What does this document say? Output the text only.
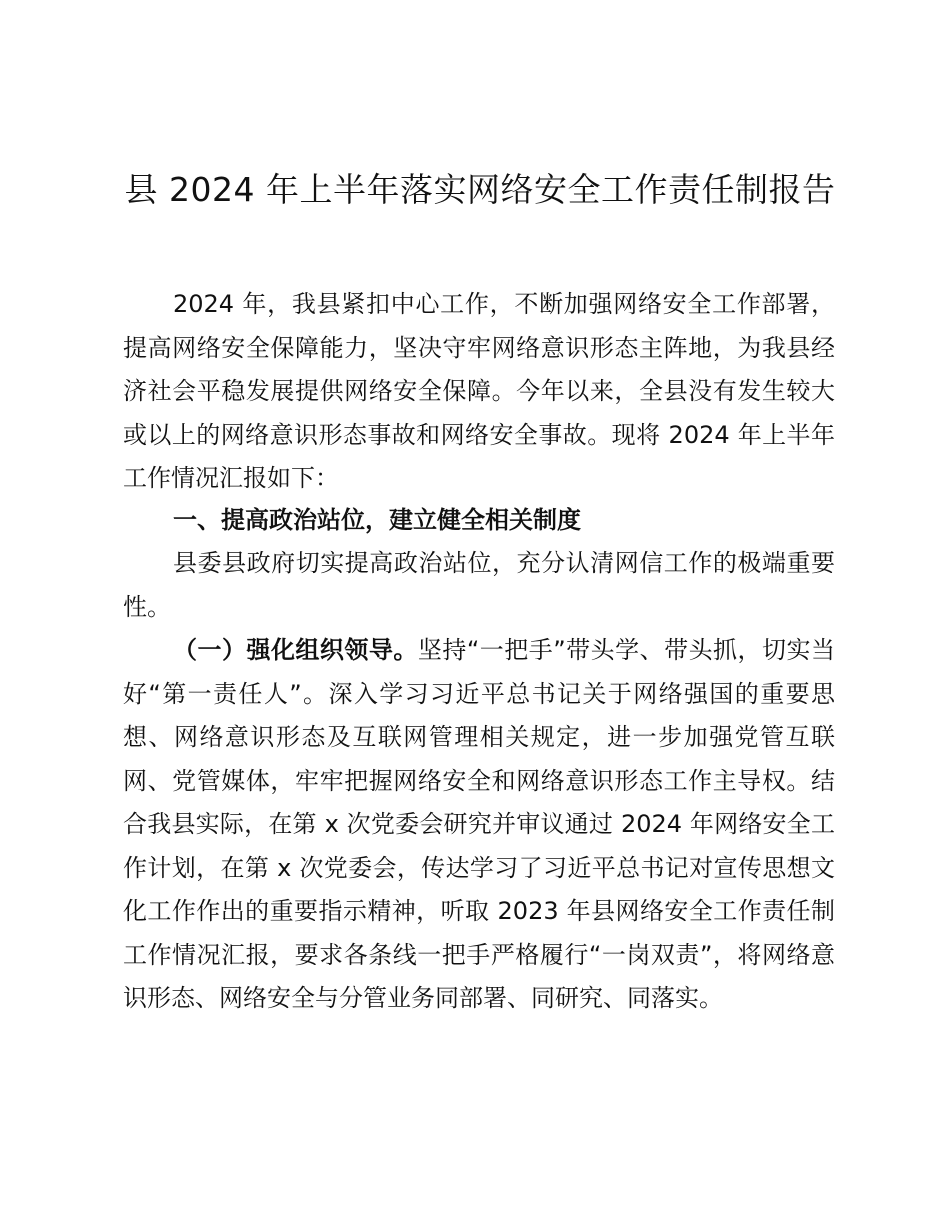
县 2024 年上半年落实网络安全工作责任制报告

2024 年，我县紧扣中心工作，不断加强网络安全工作部署，提高网络安全保障能力，坚决守牢网络意识形态主阵地，为我县经济社会平稳发展提供网络安全保障。今年以来，全县没有发生较大或以上的网络意识形态事故和网络安全事故。现将 2024 年上半年工作情况汇报如下：

一、提高政治站位，建立健全相关制度

县委县政府切实提高政治站位，充分认清网信工作的极端重要性。

（一）强化组织领导。坚持“一把手”带头学、带头抓，切实当好“第一责任人”。深入学习习近平总书记关于网络强国的重要思想、网络意识形态及互联网管理相关规定，进一步加强党管互联网、党管媒体，牢牢把握网络安全和网络意识形态工作主导权。结合我县实际，在第 x 次党委会研究并审议通过 2024 年网络安全工作计划，在第 x 次党委会，传达学习了习近平总书记对宣传思想文化工作作出的重要指示精神，听取 2023 年县网络安全工作责任制工作情况汇报，要求各条线一把手严格履行“一岗双责”，将网络意识形态、网络安全与分管业务同部署、同研究、同落实。
